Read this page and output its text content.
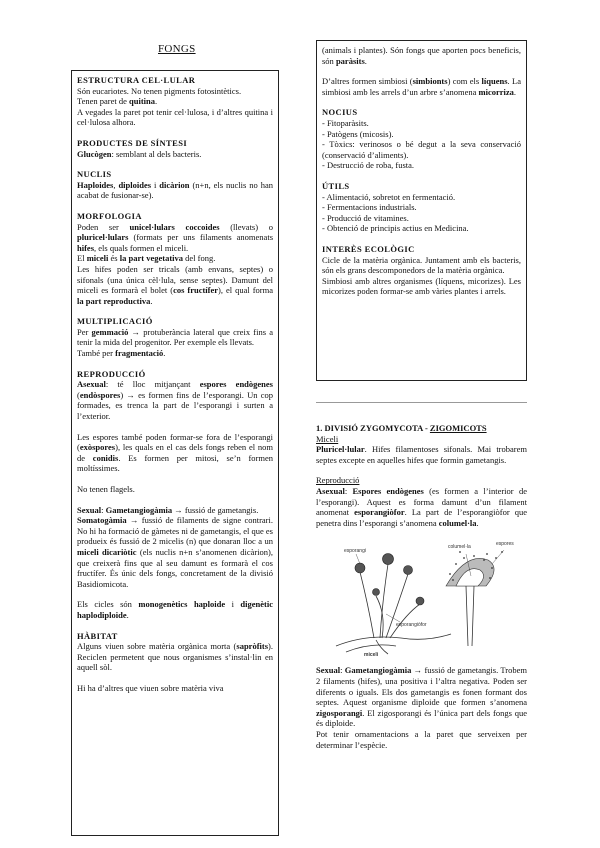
FONGS
ESTRUCTURA CEL·LULAR

Són eucariotes. No tenen pigments fotosintètics.

Tenen paret de quitina.

A vegades la paret pot tenir cel·lulosa, i d’altres quitina i cel·lulosa alhora.

PRODUCTES DE SÍNTESI

Glucògen: semblant al dels bacteris.

NUCLIS

Haploides, diploides i dicàrion (n+n, els nuclis no han acabat de fusionar-se).

MORFOLOGIA

Poden ser unicel·lulars coccoides (llevats) o pluricel·lulars (formats per uns filaments anomenats hifes, els quals formen el miceli.

El miceli és la part vegetativa del fong.

Les hifes poden ser tricals (amb envans, septes) o sifonals (una única cèl·lula, sense septes). Damunt del miceli es formarà el bolet (cos fructífer), el qual forma la part reproductiva.

MULTIPLICACIÓ

Per gemmació → protuberància lateral que creix fins a tenir la mida del progenitor. Per exemple els llevats.

També per fragmentació.

REPRODUCCIÓ

Asexual: té lloc mitjançant espores endògenes (endòspores) → es formen fins de l’esporangi. Un cop formades, es trenca la part de l’esporangi i surten a l’exterior.

Les espores també poden formar-se fora de l’esporangi (exòspores), les quals en el cas dels fongs reben el nom de conidis. Es formen per mitosi, se’n formen moltíssimes.

No tenen flagels.

Sexual: Gametangiogàmia → fussió de gametangis.

Somatogàmia → fussió de filaments de signe contrari. No hi ha formació de gàmetes ni de gametangis, el que es produeix és fussió de 2 micelis (n) que donaran lloc a un miceli dicariòtic (els nuclis n+n s’anomenen dicàrion), que creixerà fins que al seu damunt es formarà el cos fructífer. És únic dels fongs, concretament de la divisió Basidiomicota.

Els cicles són monogenètics haploide i digenètic haplodiploide.

HÀBITAT

Alguns viuen sobre matèria orgànica morta (sapròfits). Reciclen permetent que nous organismes s’instal·lin en aquell sòl.

Hi ha d’altres que viuen sobre matèria viva

(animals i plantes). Són fongs que aporten pocs beneficis, són paràsits.

D’altres formen simbiosi (simbionts) com els líquens. La simbiosi amb les arrels d’un arbre s’anomena micorriza.

NOCIUS

- Fitoparàsits.

- Patògens (micosis).

- Tòxics: verinosos o bé degut a la seva conservació (conservació d’aliments).

- Destrucció de roba, fusta.

ÚTILS

- Alimentació, sobretot en fermentació.

- Fermentacions industrials.

- Producció de vitamines.

- Obtenció de principis actius en Medicina.

INTERÈS ECOLÒGIC

Cicle de la matèria orgànica. Juntament amb els bacteris, són els grans descomponedors de la matèria orgànica.

Simbiosi amb altres organismes (líquens, micorizes). Les micorizes poden formar-se amb vàries plantes i arrels.

1. DIVISIÓ ZYGOMYCOTA - ZIGOMICOTS

Miceli

Pluricel·lular. Hifes filamentoses sifonals. Mai trobarem septes excepte en aquelles hifes que formin gametangis.

Reproducció

Asexual: Espores endògenes (es formen a l’interior de l’esporangi). Aquest es forma damunt d’un filament anomenat esporangiòfor. La part de l’esporangiòfor que penetra dins l’esporangi s’anomena columel·la.

esporangi
columel·la	espores
esporangiòfor
miceli

Sexual: Gametangiogàmia → fussió de gametangis. Trobem 2 filaments (hifes), una positiva i l’altra negativa. Poden ser diferents o iguals. Els dos gametangis es fonen formant dos septes. Aquest organisme diploide que formen s’anomena zigosporangi. El zigosporangi és l’única part dels fongs que és diploide.

Pot tenir ornamentacions a la paret que serveixen per determinar l’espècie.
